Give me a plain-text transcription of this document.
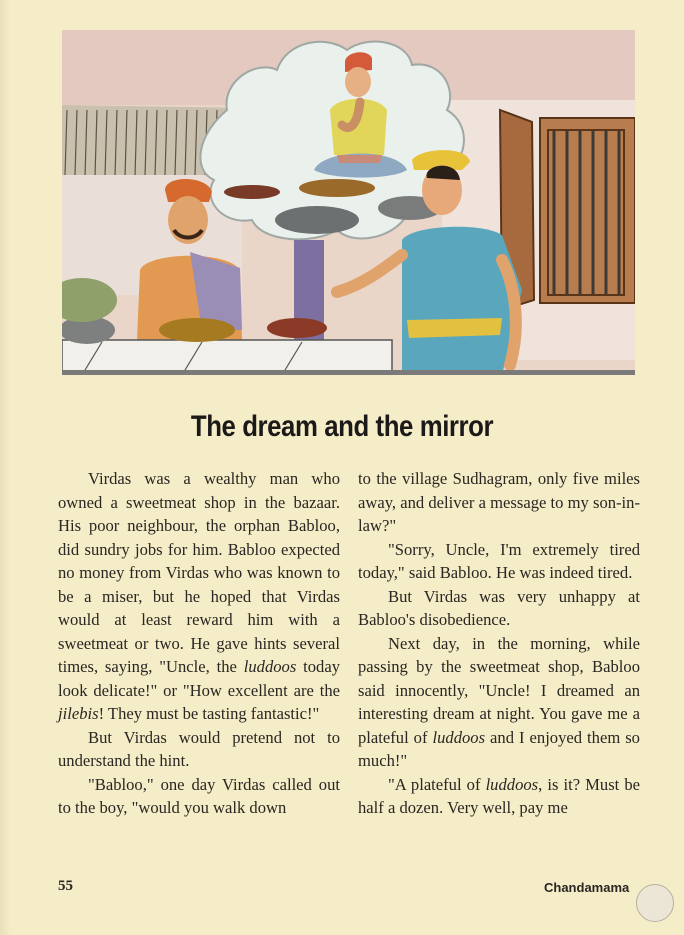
The dream and the mirror

Virdas was a wealthy man who owned a sweetmeat shop in the bazaar. His poor neighbour, the orphan Babloo, did sundry jobs for him. Babloo expected no money from Virdas who was known to be a miser, but he hoped that Virdas would at least reward him with a sweetmeat or two. He gave hints several times, saying, "Uncle, the luddoos today look delicate!" or "How excellent are the jilebis! They must be tasting fantastic!"

But Virdas would pretend not to understand the hint.

"Babloo," one day Virdas called out to the boy, "would you walk down

to the village Sudhagram, only five miles away, and deliver a message to my son-in-law?"

"Sorry, Uncle, I'm extremely tired today," said Babloo. He was indeed tired.

But Virdas was very unhappy at Babloo's disobedience.

Next day, in the morning, while passing by the sweetmeat shop, Babloo said innocently, "Uncle! I dreamed an interesting dream at night. You gave me a plateful of luddoos and I enjoyed them so much!"

"A plateful of luddoos, is it? Must be half a dozen. Very well, pay me

55	Chandamama
